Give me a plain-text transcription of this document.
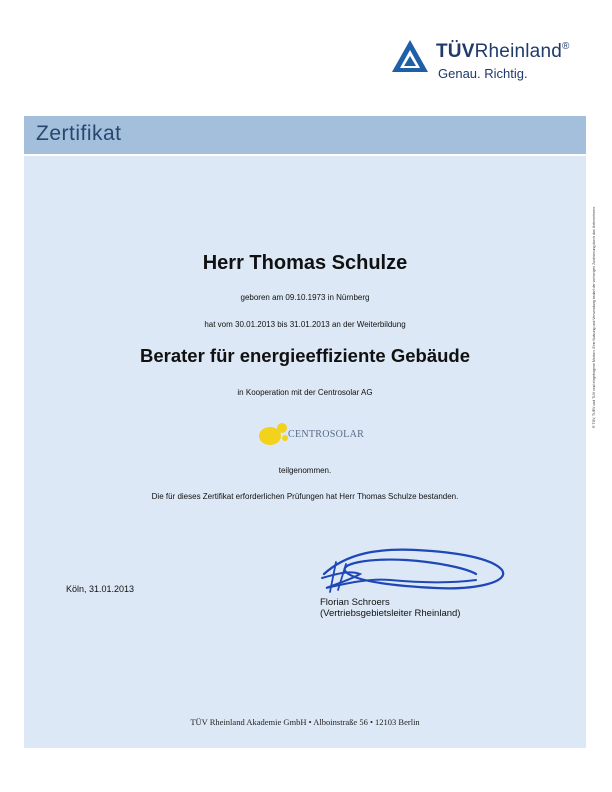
TÜVRheinland®
Genau. Richtig.
Zertifikat
Herr Thomas Schulze
geboren am 09.10.1973 in Nürnberg
hat vom 30.01.2013 bis 31.01.2013 an der Weiterbildung
Berater für energieeffiziente Gebäude
in Kooperation mit der Centrosolar AG
CENTROSOLAR
teilgenommen.
Die für dieses Zertifikat erforderlichen Prüfungen hat Herr Thomas Schulze bestanden.
Köln, 31.01.2013
Florian Schroers
(Vertriebsgebietsleiter Rheinland)
TÜV Rheinland Akademie GmbH • Alboinstraße 56 • 12103 Berlin
® TÜV, TUEV und TUV sind eingetragene Marken. Eine Nutzung und Verwendung bedarf der vorherigen Zustimmung durch das Unternehmen.
